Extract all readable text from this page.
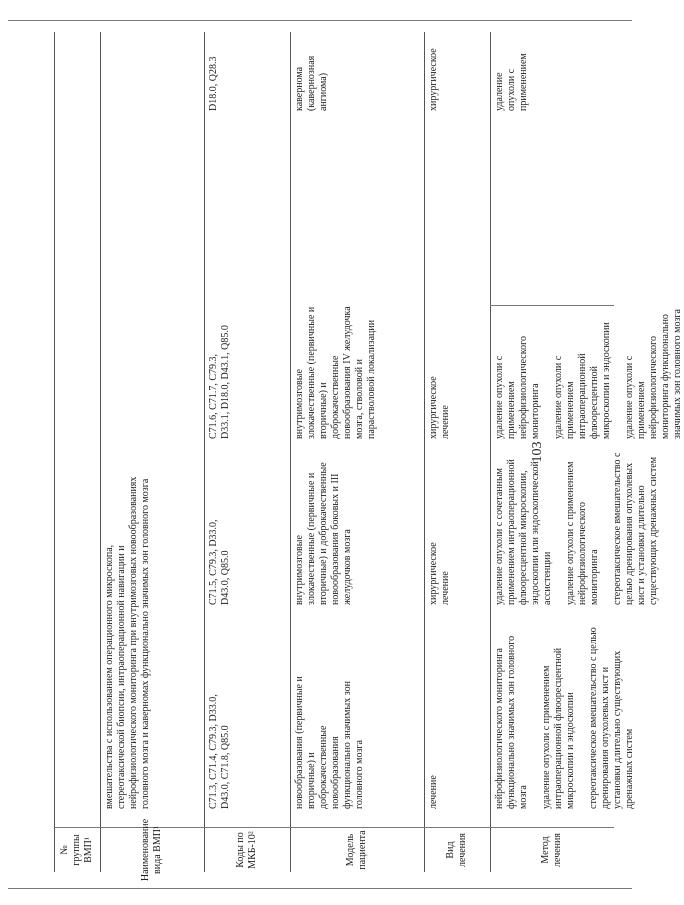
№ группы ВМП¹	Наименование вида ВМП¹	Коды по МКБ-10²	Модель пациента	Вид лечения	Метод лечения
вмешательства с использованием операционного микроскопа, стереотаксической биопсии, интраоперационной навигации и нейрофизиологического мониторинга при внутримозговых новообразованиях головного мозга и каверномах функционально значимых зон головного мозга	C71.3, C71.4, C79.3, D33.0, D43.0, C71.8, Q85.0	новообразования (первичные и вторичные) и доброкачественные новообразования функционально значимых зон головного мозга	лечение	нейрофизиологического мониторинга функционально значимых зон головного мозга удаление опухоли с применением интраоперационной флюоресцентной микроскопии и эндоскопии стереотаксическое вмешательство с целью дренирования опухолевых кист и установки длительно существующих дренажных систем

C71.5, C79.3, D33.0, D43.0, Q85.0	внутримозговые злокачественные (первичные и вторичные) и доброкачественные новообразования боковых и III желудочков мозга	хирургическое лечение	удаление опухоли с сочетанным применением интраоперационной флюоресцентной микроскопии, эндоскопии или эндоскопической ассистенции удаление опухоли с применением нейрофизиологического мониторинга стереотаксическое вмешательство с целью дренирования опухолевых кист и установки длительно существующих дренажных систем

C71.6, C71.7, C79.3, D33.1, D18.0, D43.1, Q85.0	внутримозговые злокачественные (первичные и вторичные) и доброкачественные новообразования IV желудочка мозга, стволовой и парастволовой локализации	хирургическое лечение	удаление опухоли с применением нейрофизиологического мониторинга удаление опухоли с применением интраоперационной флюоресцентной микроскопии и эндоскопии удаление опухоли с применением нейрофизиологического мониторинга функционально значимых зон головного мозга

D18.0, Q28.3	кавернома (кавернозная ангиома)	хирургическое	удаление опухоли с применением

103
